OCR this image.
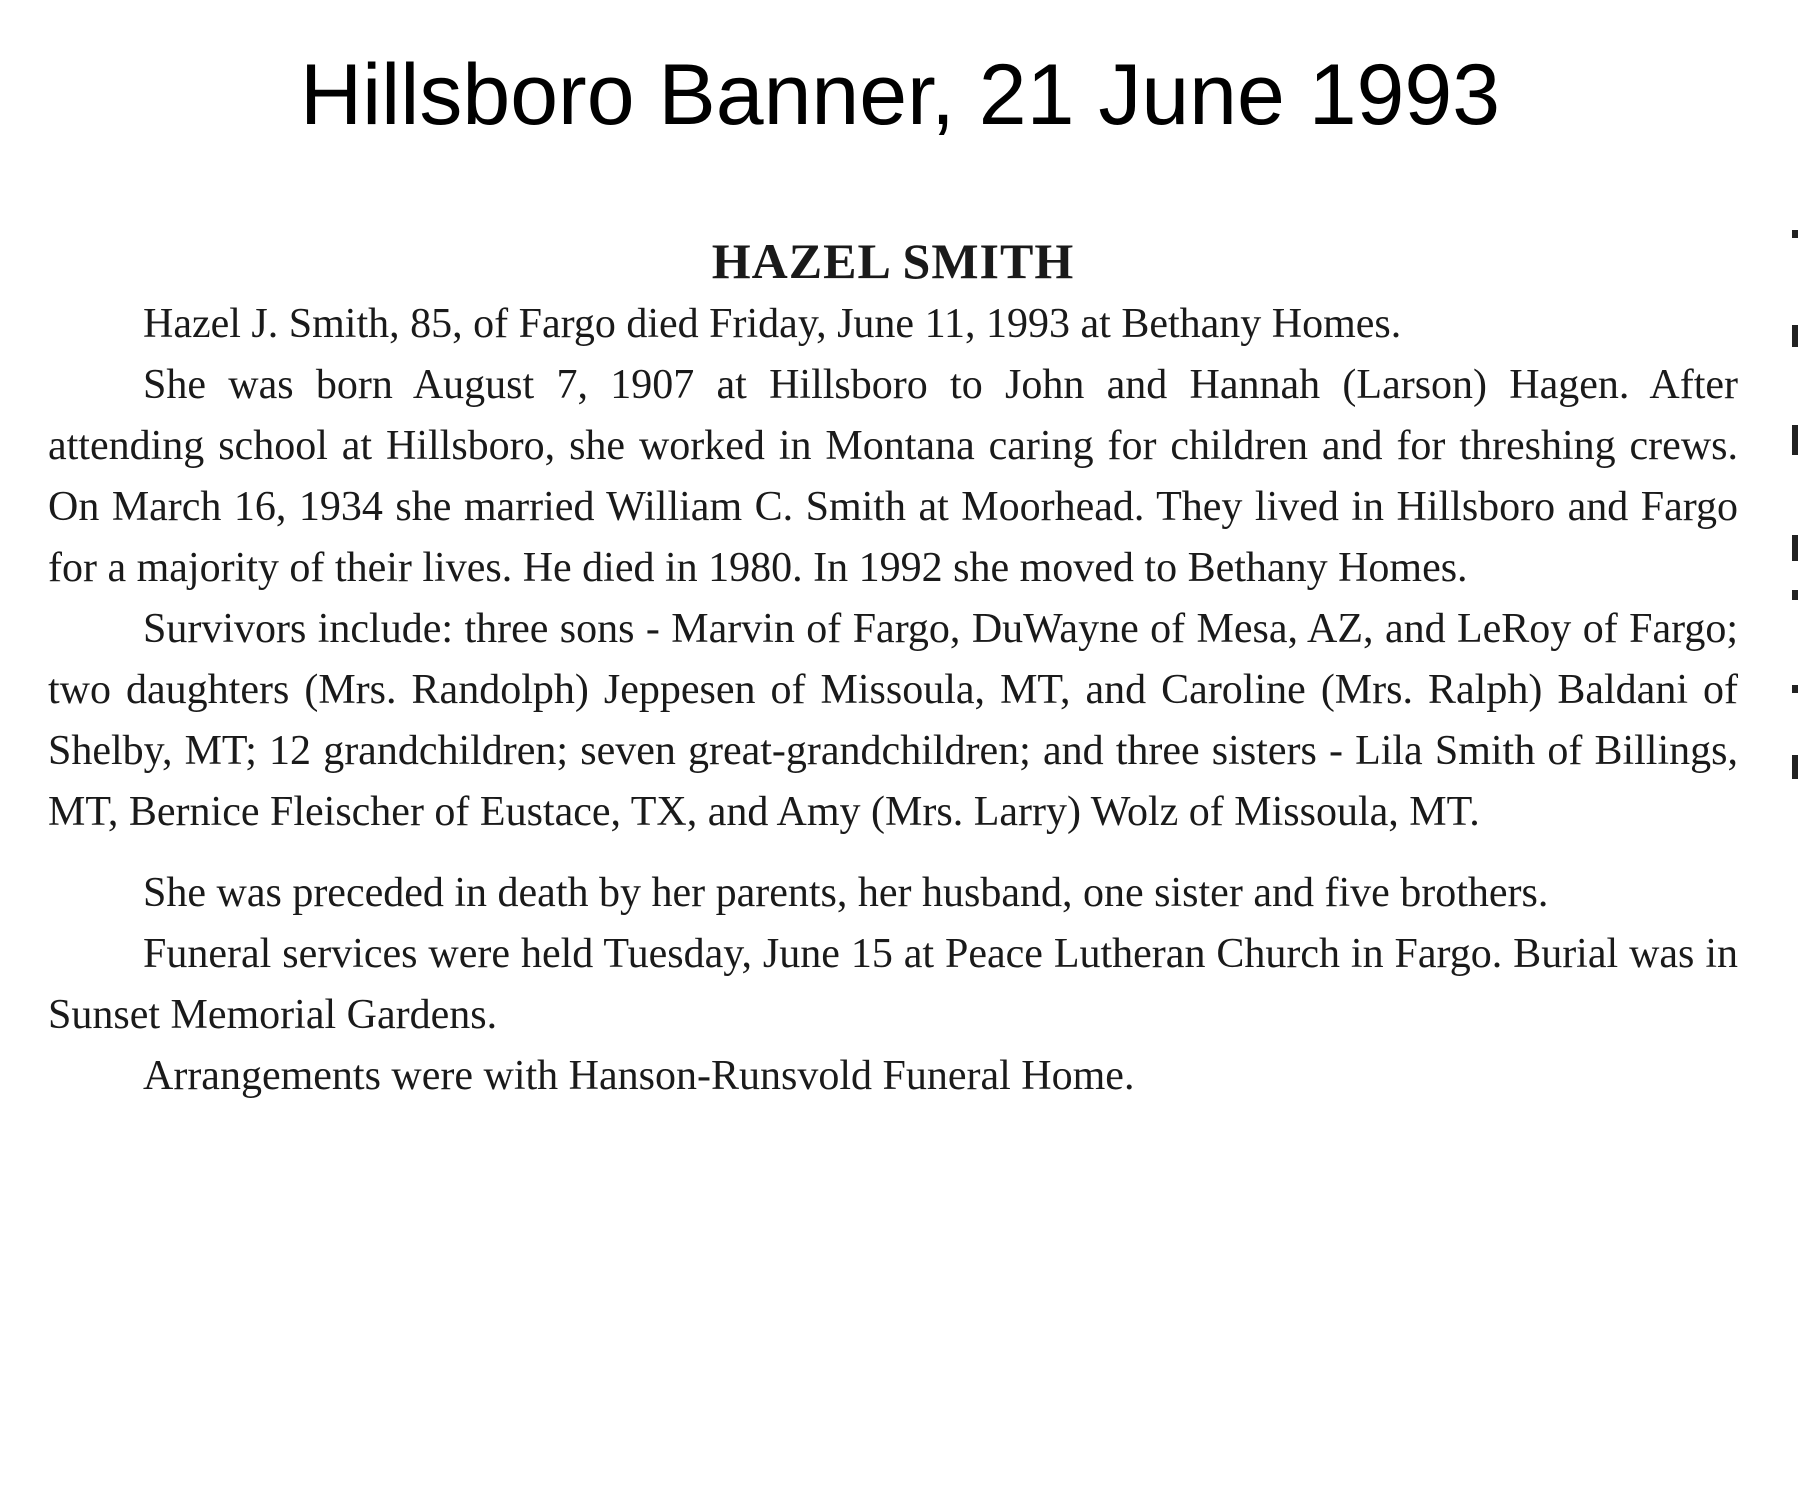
Hillsboro Banner, 21 June 1993
HAZEL SMITH

Hazel J. Smith, 85, of Fargo died Friday, June 11, 1993 at Bethany Homes.

She was born August 7, 1907 at Hillsboro to John and Hannah (Larson) Hagen. After attending school at Hillsboro, she worked in Montana caring for children and for threshing crews. On March 16, 1934 she married William C. Smith at Moorhead. They lived in Hillsboro and Fargo for a majority of their lives. He died in 1980. In 1992 she moved to Bethany Homes.

Survivors include: three sons - Marvin of Fargo, DuWayne of Mesa, AZ, and LeRoy of Fargo; two daughters (Mrs. Randolph) Jeppesen of Missoula, MT, and Caroline (Mrs. Ralph) Baldani of Shelby, MT; 12 grandchildren; seven great-grandchildren; and three sisters - Lila Smith of Billings, MT, Bernice Fleischer of Eustace, TX, and Amy (Mrs. Larry) Wolz of Missoula, MT.

She was preceded in death by her parents, her husband, one sister and five brothers.

Funeral services were held Tuesday, June 15 at Peace Lutheran Church in Fargo. Burial was in Sunset Memorial Gardens.

Arrangements were with Hanson-Runsvold Funeral Home.
